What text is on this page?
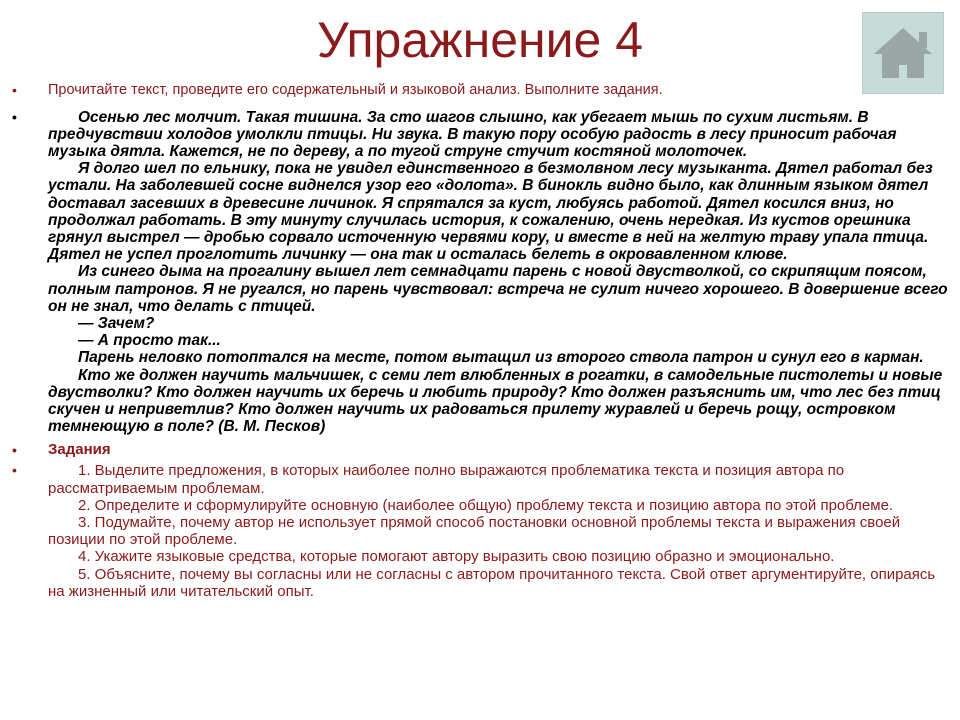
Упражнение 4
• Прочитайте текст, проведите его содержательный и языковой анализ. Выполните задания.
•	Осенью лес молчит. Такая тишина. За сто шагов слышно, как убегает мышь по сухим листьям. В предчувствии холодов умолкли птицы. Ни звука. В такую пору особую радость в лесу приносит рабочая музыка дятла. Кажется, не по дереву, а по тугой струне стучит костяной молоточек.

Я долго шел по ельнику, пока не увидел единственного в безмолвном лесу музыканта. Дятел работал без устали. На заболевшей сосне виднелся узор его «долота». В бинокль видно было, как длинным языком дятел доставал засевших в древесине личинок. Я спрятался за куст, любуясь работой. Дятел косился вниз, но продолжал работать. В эту минуту случилась история, к сожалению, очень нередкая. Из кустов орешника грянул выстрел — дробью сорвало источенную червями кору, и вместе в ней на желтую траву упала птица. Дятел не успел проглотить личинку — она так и осталась белеть в окровавленном клюве.

Из синего дыма на прогалину вышел лет семнадцати парень с новой двустволкой, со скрипящим поясом, полным патронов. Я не ругался, но парень чувствовал: встреча не сулит ничего хорошего. В довершение всего он не знал, что делать с птицей.

— Зачем?

— А просто так...

Парень неловко потоптался на месте, потом вытащил из второго ствола патрон и сунул его в карман.

Кто же должен научить мальчишек, с семи лет влюбленных в рогатки, в самодельные пистолеты и новые двустволки? Кто должен научить их беречь и любить природу? Кто должен разъяснить им, что лес без птиц скучен и неприветлив? Кто должен научить их радоваться прилету журавлей и беречь рощу, островком темнеющую в поле? (В. М. Песков)

• Задания
•	1. Выделите предложения, в которых наиболее полно выражаются проблематика текста и позиция автора по рассматриваемым проблемам.

2. Определите и сформулируйте основную (наиболее общую) проблему текста и позицию автора по этой проблеме.

3. Подумайте, почему автор не использует прямой способ постановки основной проблемы текста и выражения своей позиции по этой проблеме.

4. Укажите языковые средства, которые помогают автору выразить свою позицию образно и эмоционально.

5. Объясните, почему вы согласны или не согласны с автором прочитанного текста. Свой ответ аргументируйте, опираясь на жизненный или читательский опыт.
